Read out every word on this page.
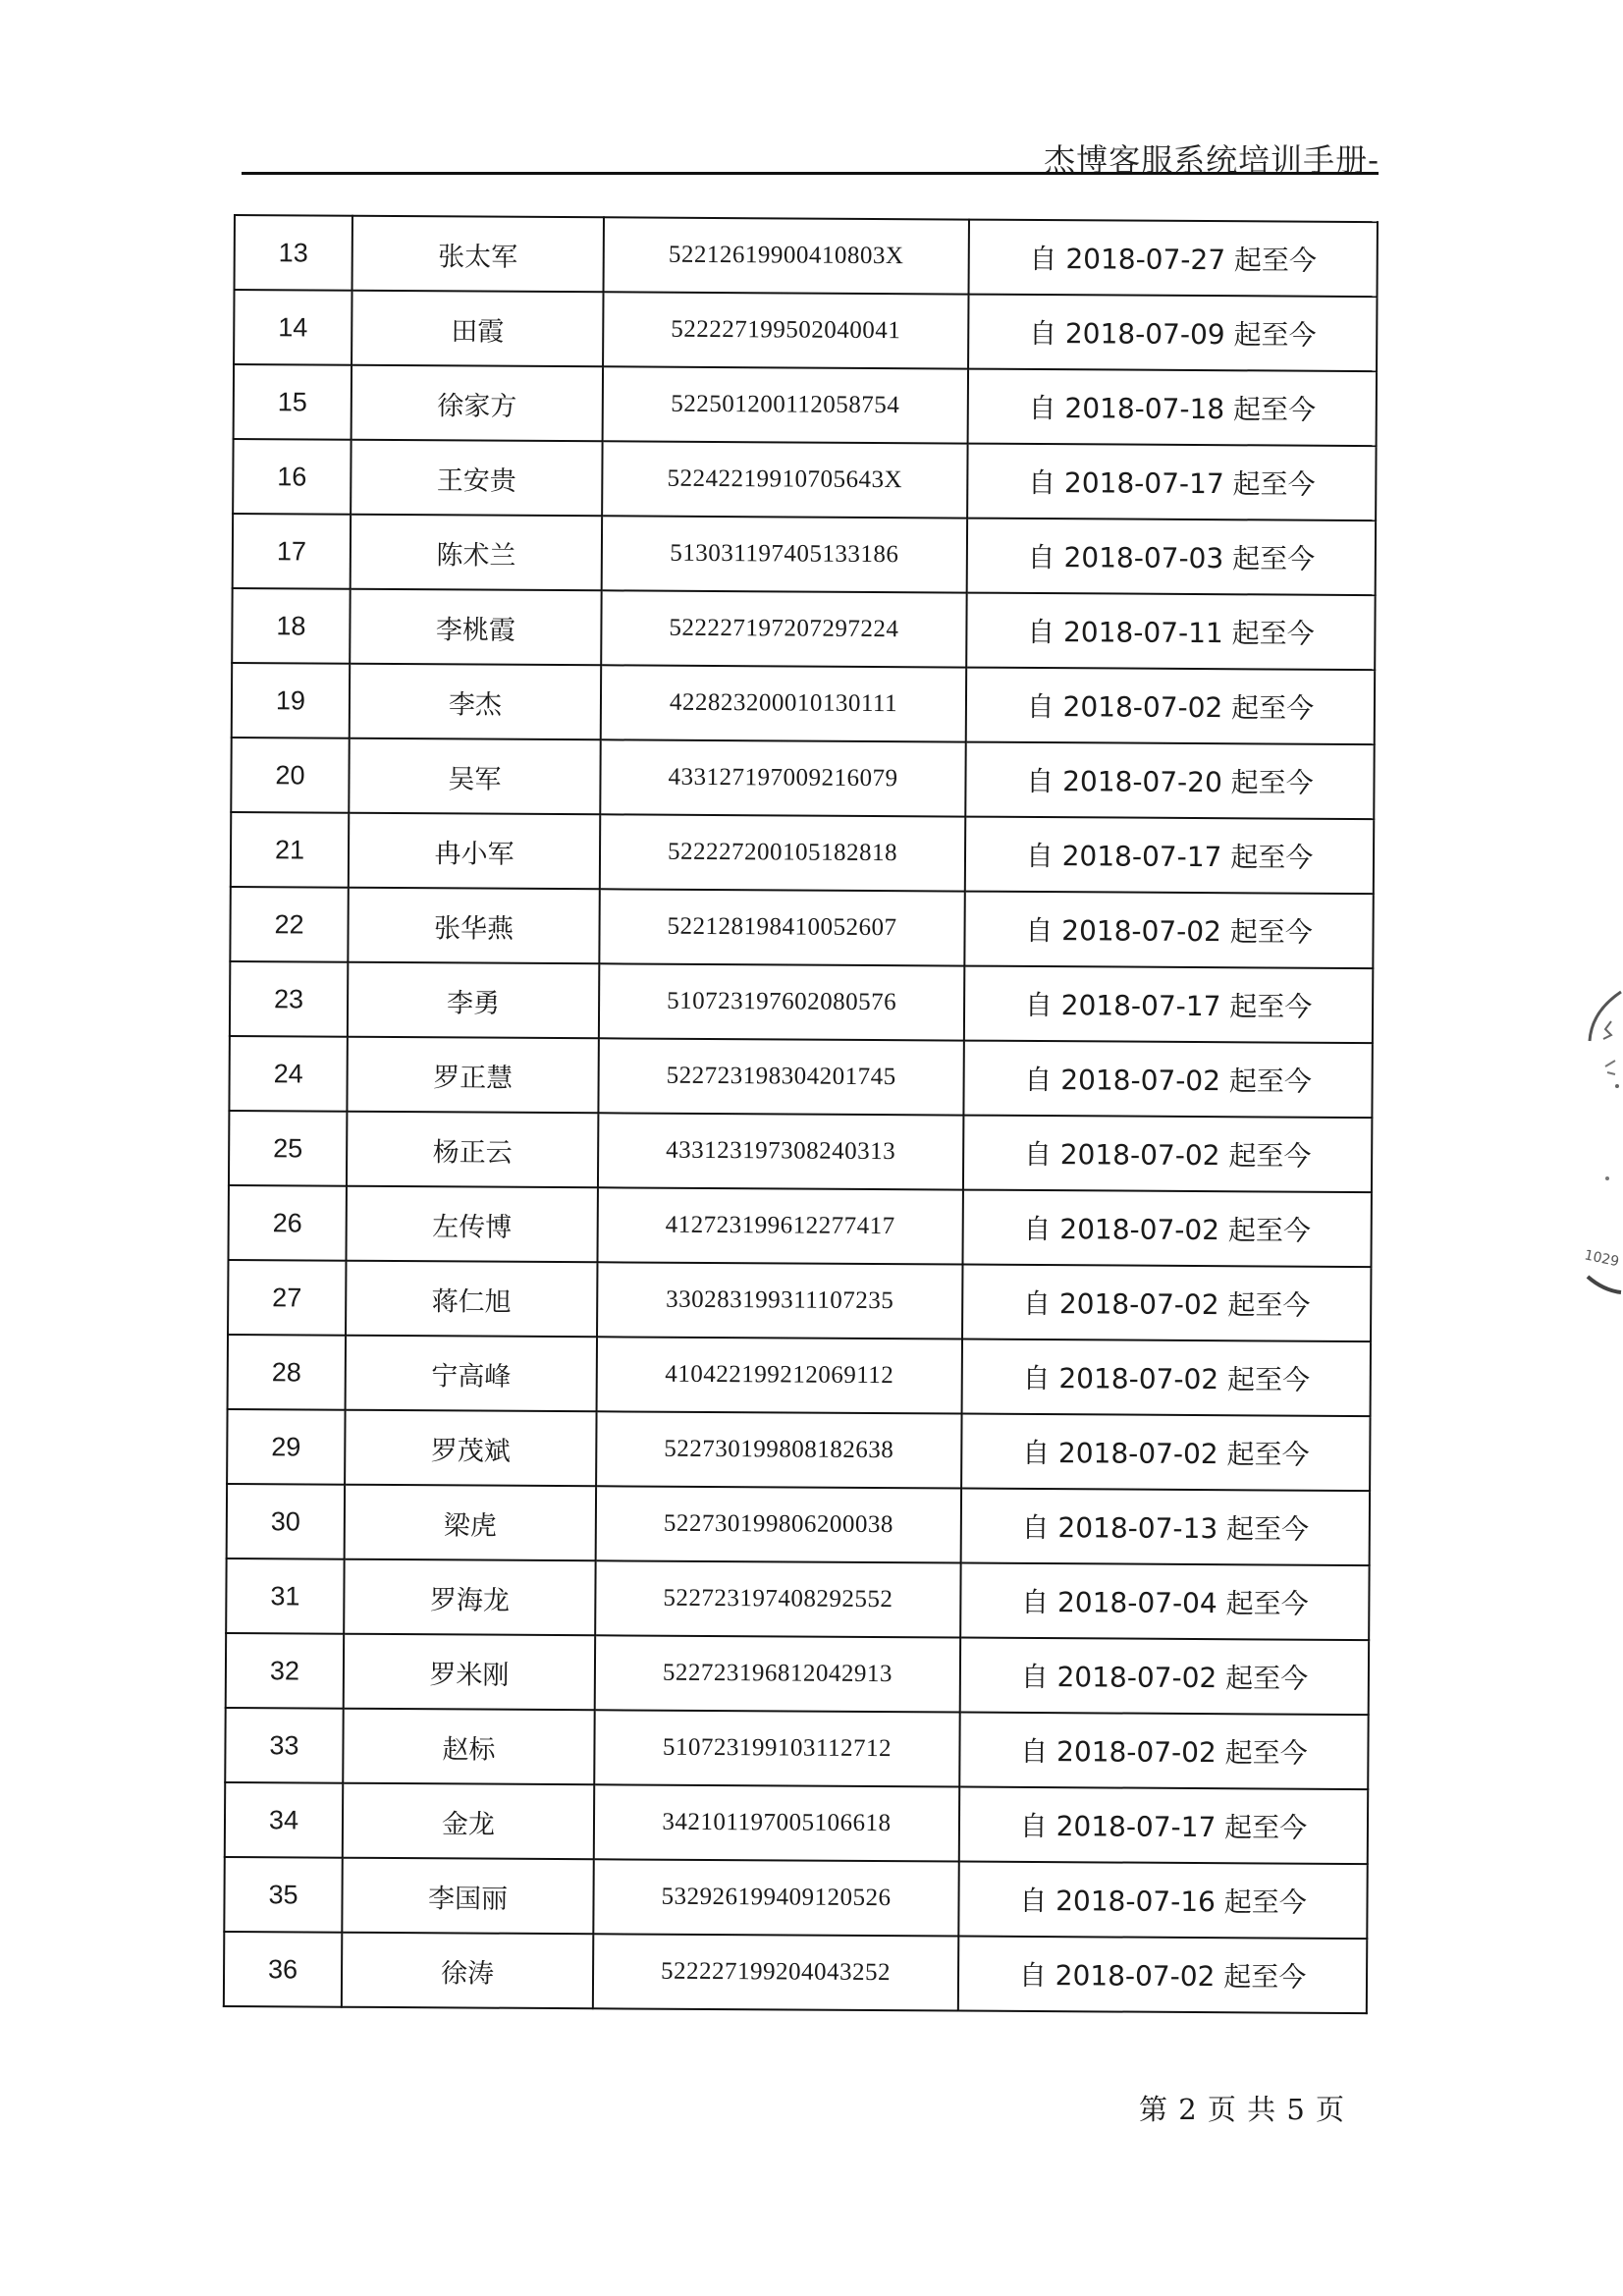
杰博客服系统培训手册-
13	张太军	52212619900410803X	自 2018-07-27 起至今
14	田霞	522227199502040041	自 2018-07-09 起至今
15	徐家方	522501200112058754	自 2018-07-18 起至今
16	王安贵	52242219910705643X	自 2018-07-17 起至今
17	陈术兰	513031197405133186	自 2018-07-03 起至今
18	李桃霞	522227197207297224	自 2018-07-11 起至今
19	李杰	422823200010130111	自 2018-07-02 起至今
20	吴军	433127197009216079	自 2018-07-20 起至今
21	冉小军	522227200105182818	自 2018-07-17 起至今
22	张华燕	522128198410052607	自 2018-07-02 起至今
23	李勇	510723197602080576	自 2018-07-17 起至今
24	罗正慧	522723198304201745	自 2018-07-02 起至今
25	杨正云	433123197308240313	自 2018-07-02 起至今
26	左传博	412723199612277417	自 2018-07-02 起至今
27	蒋仁旭	330283199311107235	自 2018-07-02 起至今
28	宁高峰	410422199212069112	自 2018-07-02 起至今
29	罗茂斌	522730199808182638	自 2018-07-02 起至今
30	梁虎	522730199806200038	自 2018-07-13 起至今
31	罗海龙	522723197408292552	自 2018-07-04 起至今
32	罗米刚	522723196812042913	自 2018-07-02 起至今
33	赵标	510723199103112712	自 2018-07-02 起至今
34	金龙	342101197005106618	自 2018-07-17 起至今
35	李国丽	532926199409120526	自 2018-07-16 起至今
36	徐涛	522227199204043252	自 2018-07-02 起至今
1029
第 2 页 共 5 页
